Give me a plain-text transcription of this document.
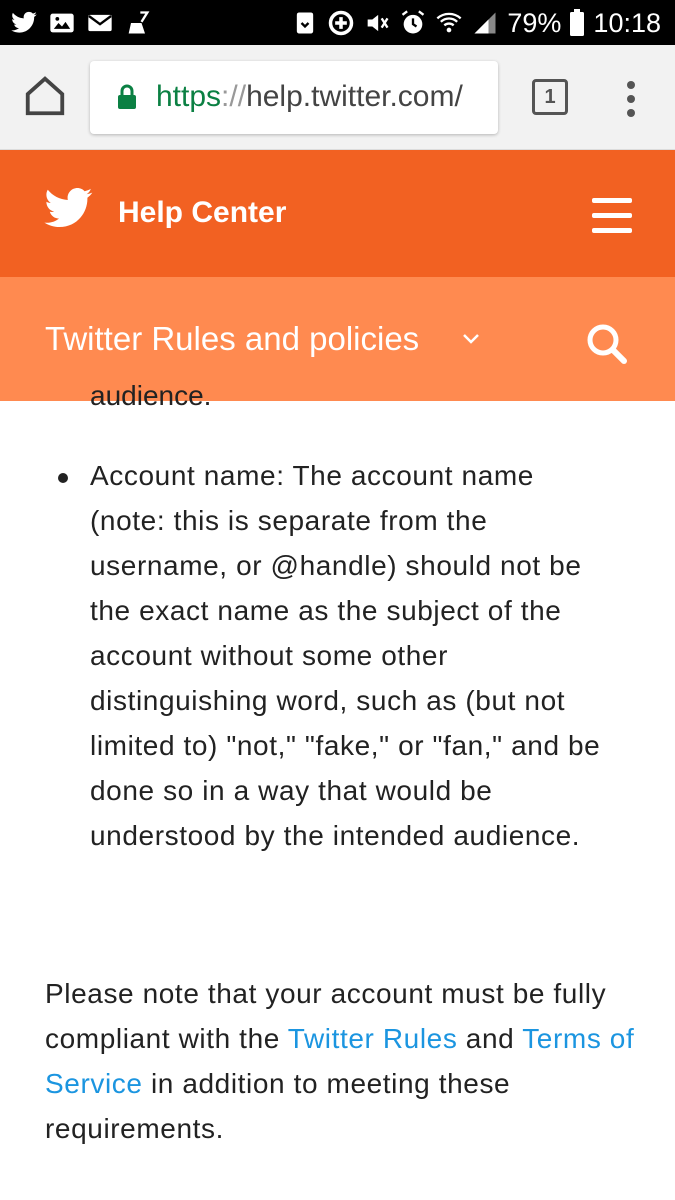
79% 10:18
https://help.twitter.com/	1
Help Center
Twitter Rules and policies
audience.
Account name: The account name (note: this is separate from the username, or @handle) should not be the exact name as the subject of the account without some other distinguishing word, such as (but not limited to) "not," "fake," or "fan," and be done so in a way that would be understood by the intended audience.
Please note that your account must be fully compliant with the Twitter Rules and Terms of Service in addition to meeting these requirements.
